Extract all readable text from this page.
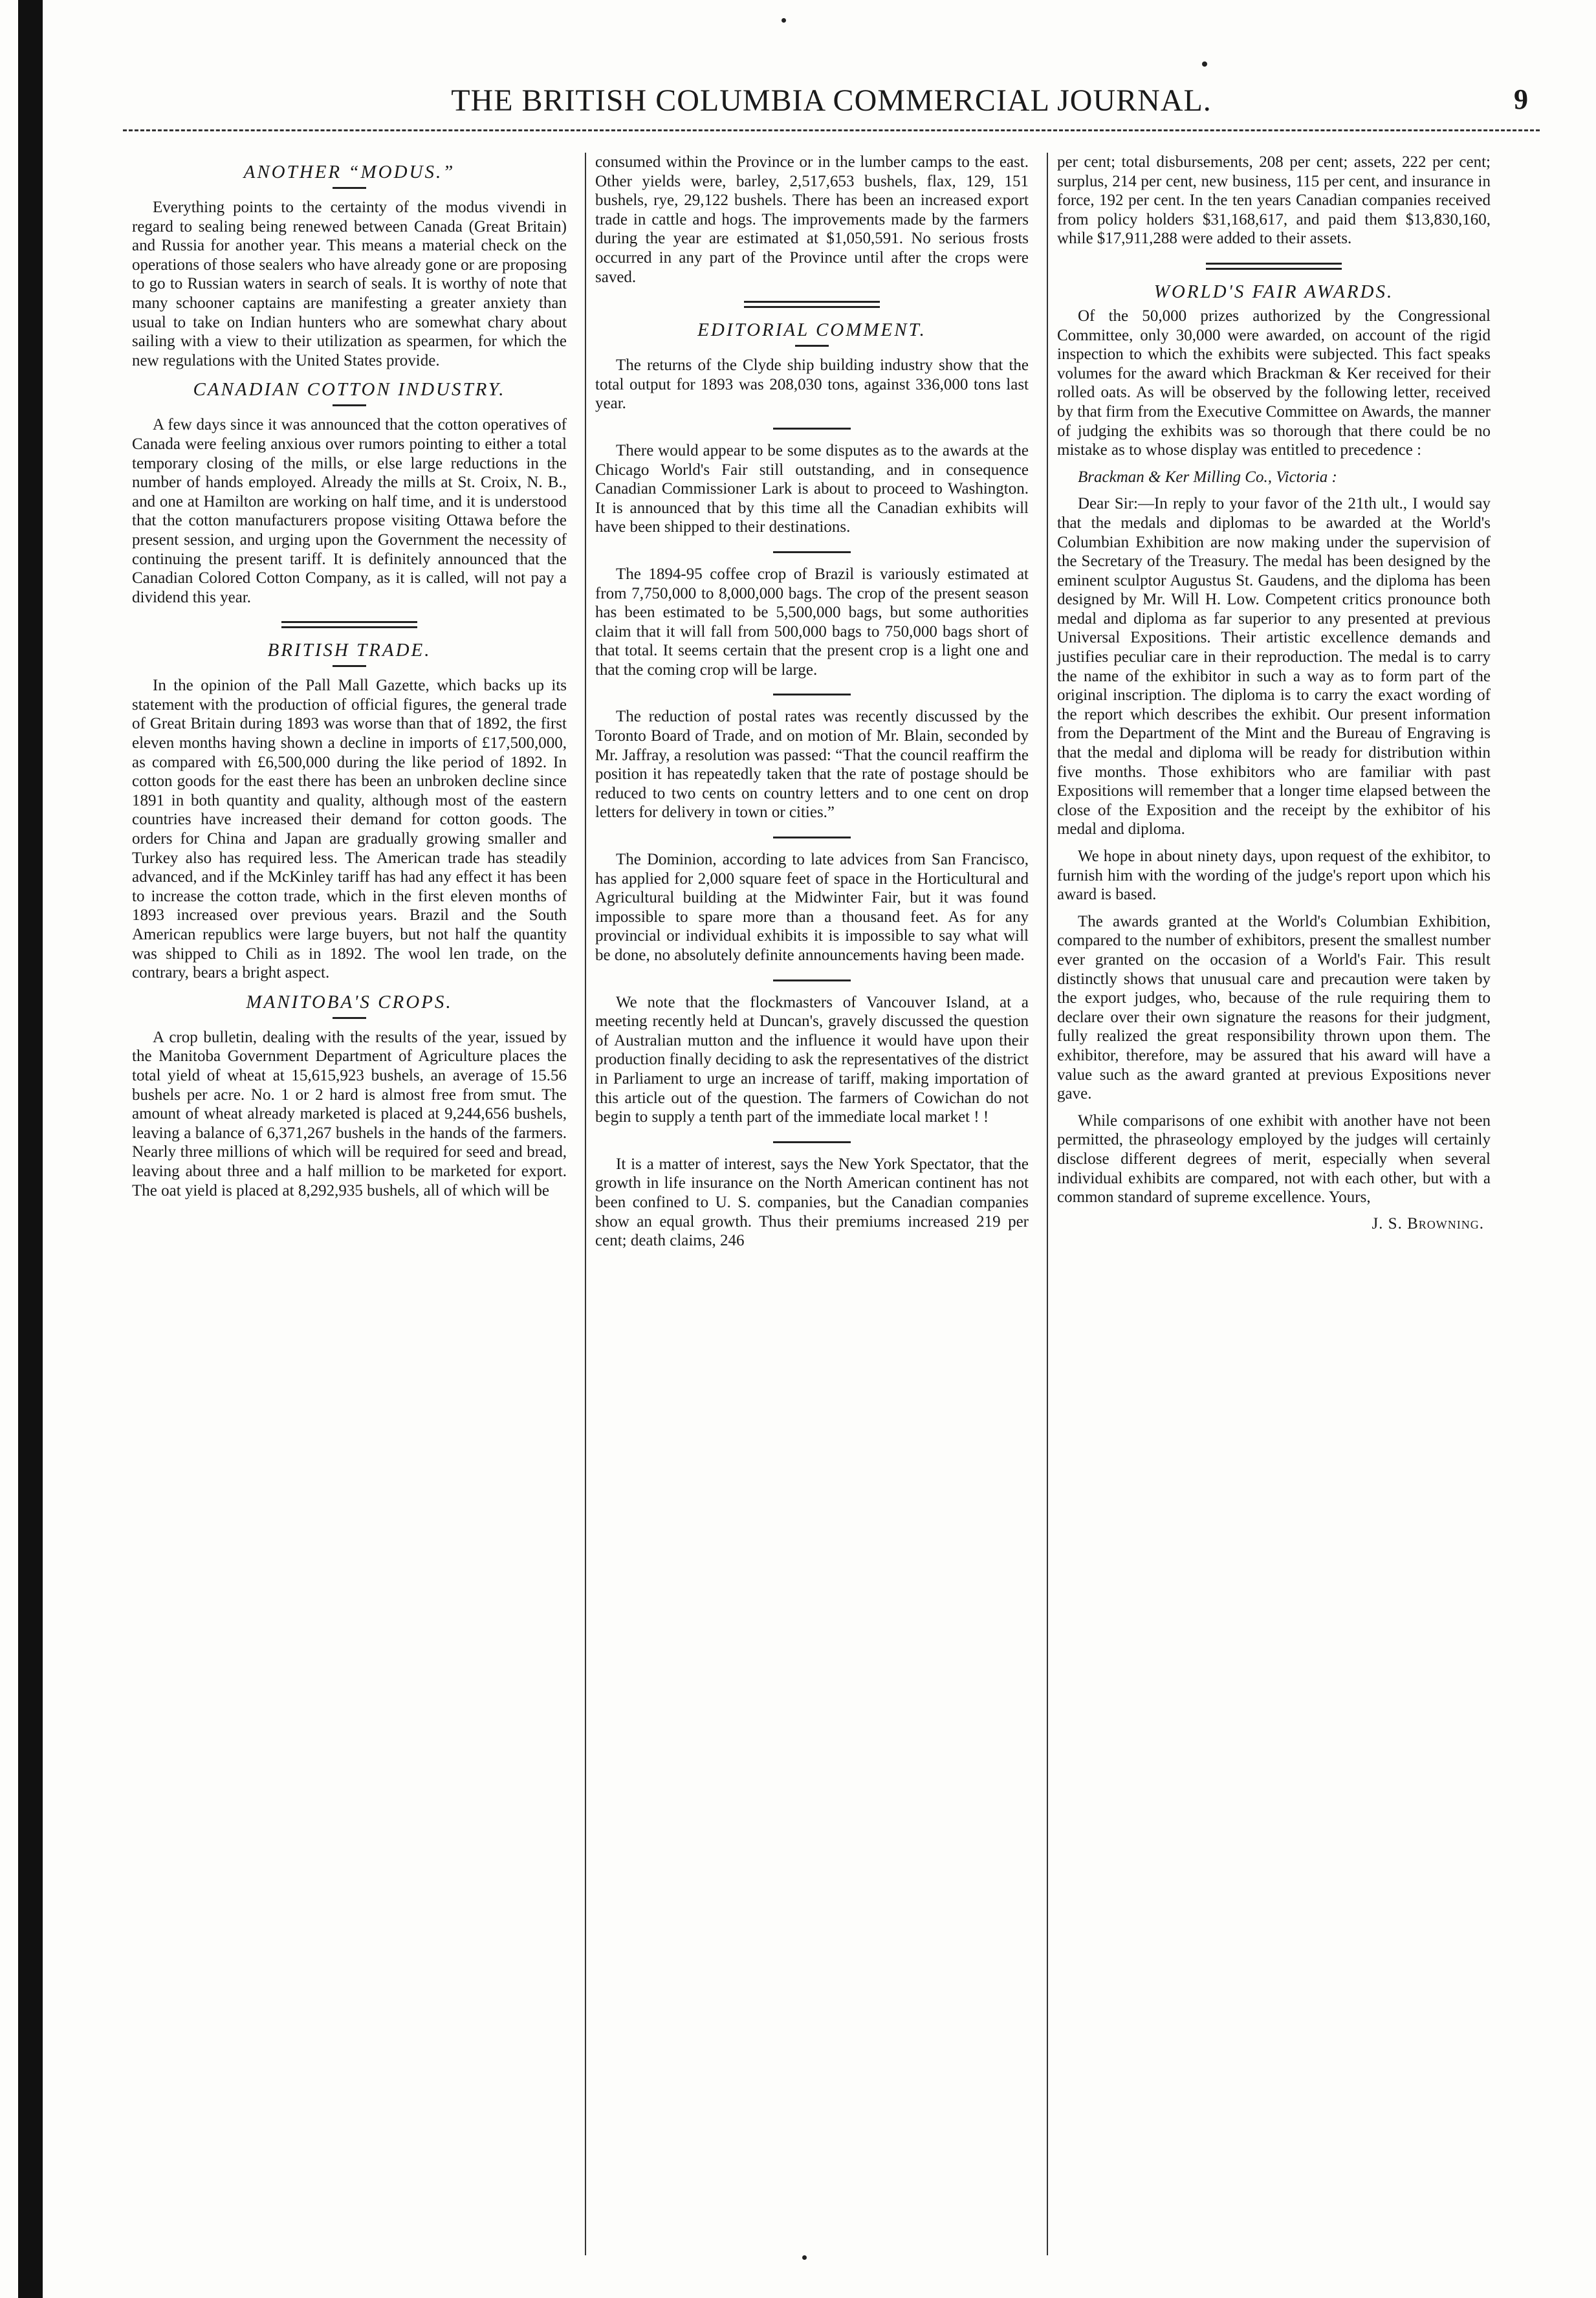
THE BRITISH COLUMBIA COMMERCIAL JOURNAL.	9
ANOTHER “MODUS.”

Everything points to the certainty of the modus vivendi in regard to sealing being renewed between Canada (Great Britain) and Russia for another year. This means a material check on the operations of those sealers who have already gone or are proposing to go to Russian waters in search of seals. It is worthy of note that many schooner captains are manifesting a greater anxiety than usual to take on Indian hunters who are somewhat chary about sailing with a view to their utilization as spearmen, for which the new regulations with the United States provide.

CANADIAN COTTON INDUSTRY.

A few days since it was announced that the cotton operatives of Canada were feeling anxious over rumors pointing to either a total temporary closing of the mills, or else large reductions in the number of hands employed. Already the mills at St. Croix, N. B., and one at Hamilton are working on half time, and it is understood that the cotton manufacturers propose visiting Ottawa before the present session, and urging upon the Government the necessity of continuing the present tariff. It is definitely announced that the Canadian Colored Cotton Company, as it is called, will not pay a dividend this year.

BRITISH TRADE.

In the opinion of the Pall Mall Gazette, which backs up its statement with the production of official figures, the general trade of Great Britain during 1893 was worse than that of 1892, the first eleven months having shown a decline in imports of £17,500,000, as compared with £6,500,000 during the like period of 1892. In cotton goods for the east there has been an unbroken decline since 1891 in both quantity and quality, although most of the eastern countries have increased their demand for cotton goods. The orders for China and Japan are gradually growing smaller and Turkey also has required less. The American trade has steadily advanced, and if the McKinley tariff has had any effect it has been to increase the cotton trade, which in the first eleven months of 1893 increased over previous years. Brazil and the South American republics were large buyers, but not half the quantity was shipped to Chili as in 1892. The wool len trade, on the contrary, bears a bright aspect.

MANITOBA'S CROPS.

A crop bulletin, dealing with the results of the year, issued by the Manitoba Government Department of Agriculture places the total yield of wheat at 15,615,923 bushels, an average of 15.56 bushels per acre. No. 1 or 2 hard is almost free from smut. The amount of wheat already marketed is placed at 9,244,656 bushels, leaving a balance of 6,371,267 bushels in the hands of the farmers. Nearly three millions of which will be required for seed and bread, leaving about three and a half million to be marketed for export. The oat yield is placed at 8,292,935 bushels, all of which will be

consumed within the Province or in the lumber camps to the east. Other yields were, barley, 2,517,653 bushels, flax, 129, 151 bushels, rye, 29,122 bushels. There has been an increased export trade in cattle and hogs. The improvements made by the farmers during the year are estimated at $1,050,591. No serious frosts occurred in any part of the Province until after the crops were saved.

EDITORIAL COMMENT.

The returns of the Clyde ship building industry show that the total output for 1893 was 208,030 tons, against 336,000 tons last year.

There would appear to be some disputes as to the awards at the Chicago World's Fair still outstanding, and in consequence Canadian Commissioner Lark is about to proceed to Washington. It is announced that by this time all the Canadian exhibits will have been shipped to their destinations.

The 1894-95 coffee crop of Brazil is variously estimated at from 7,750,000 to 8,000,000 bags. The crop of the present season has been estimated to be 5,500,000 bags, but some authorities claim that it will fall from 500,000 bags to 750,000 bags short of that total. It seems certain that the present crop is a light one and that the coming crop will be large.

The reduction of postal rates was recently discussed by the Toronto Board of Trade, and on motion of Mr. Blain, seconded by Mr. Jaffray, a resolution was passed: “That the council reaffirm the position it has repeatedly taken that the rate of postage should be reduced to two cents on country letters and to one cent on drop letters for delivery in town or cities.”

The Dominion, according to late advices from San Francisco, has applied for 2,000 square feet of space in the Horticultural and Agricultural building at the Midwinter Fair, but it was found impossible to spare more than a thousand feet. As for any provincial or individual exhibits it is impossible to say what will be done, no absolutely definite announcements having been made.

We note that the flockmasters of Vancouver Island, at a meeting recently held at Duncan's, gravely discussed the question of Australian mutton and the influence it would have upon their production finally deciding to ask the representatives of the district in Parliament to urge an increase of tariff, making importation of this article out of the question. The farmers of Cowichan do not begin to supply a tenth part of the immediate local market ! !

It is a matter of interest, says the New York Spectator, that the growth in life insurance on the North American continent has not been confined to U. S. companies, but the Canadian companies show an equal growth. Thus their premiums increased 219 per cent; death claims, 246

per cent; total disbursements, 208 per cent; assets, 222 per cent; surplus, 214 per cent, new business, 115 per cent, and insurance in force, 192 per cent. In the ten years Canadian companies received from policy holders $31,168,617, and paid them $13,830,160, while $17,911,288 were added to their assets.

WORLD'S FAIR AWARDS.

Of the 50,000 prizes authorized by the Congressional Committee, only 30,000 were awarded, on account of the rigid inspection to which the exhibits were subjected. This fact speaks volumes for the award which Brackman & Ker received for their rolled oats. As will be observed by the following letter, received by that firm from the Executive Committee on Awards, the manner of judging the exhibits was so thorough that there could be no mistake as to whose display was entitled to precedence :

Brackman & Ker Milling Co., Victoria :

Dear Sir:—In reply to your favor of the 21th ult., I would say that the medals and diplomas to be awarded at the World's Columbian Exhibition are now making under the supervision of the Secretary of the Treasury. The medal has been designed by the eminent sculptor Augustus St. Gaudens, and the diploma has been designed by Mr. Will H. Low. Competent critics pronounce both medal and diploma as far superior to any presented at previous Universal Expositions. Their artistic excellence demands and justifies peculiar care in their reproduction. The medal is to carry the name of the exhibitor in such a way as to form part of the original inscription. The diploma is to carry the exact wording of the report which describes the exhibit. Our present information from the Department of the Mint and the Bureau of Engraving is that the medal and diploma will be ready for distribution within five months. Those exhibitors who are familiar with past Expositions will remember that a longer time elapsed between the close of the Exposition and the receipt by the exhibitor of his medal and diploma.

We hope in about ninety days, upon request of the exhibitor, to furnish him with the wording of the judge's report upon which his award is based.

The awards granted at the World's Columbian Exhibition, compared to the number of exhibitors, present the smallest number ever granted on the occasion of a World's Fair. This result distinctly shows that unusual care and precaution were taken by the export judges, who, because of the rule requiring them to declare over their own signature the reasons for their judgment, fully realized the great responsibility thrown upon them. The exhibitor, therefore, may be assured that his award will have a value such as the award granted at previous Expositions never gave.

While comparisons of one exhibit with another have not been permitted, the phraseology employed by the judges will certainly disclose different degrees of merit, especially when several individual exhibits are compared, not with each other, but with a common standard of supreme excellence. Yours,

J. S. Browning.
